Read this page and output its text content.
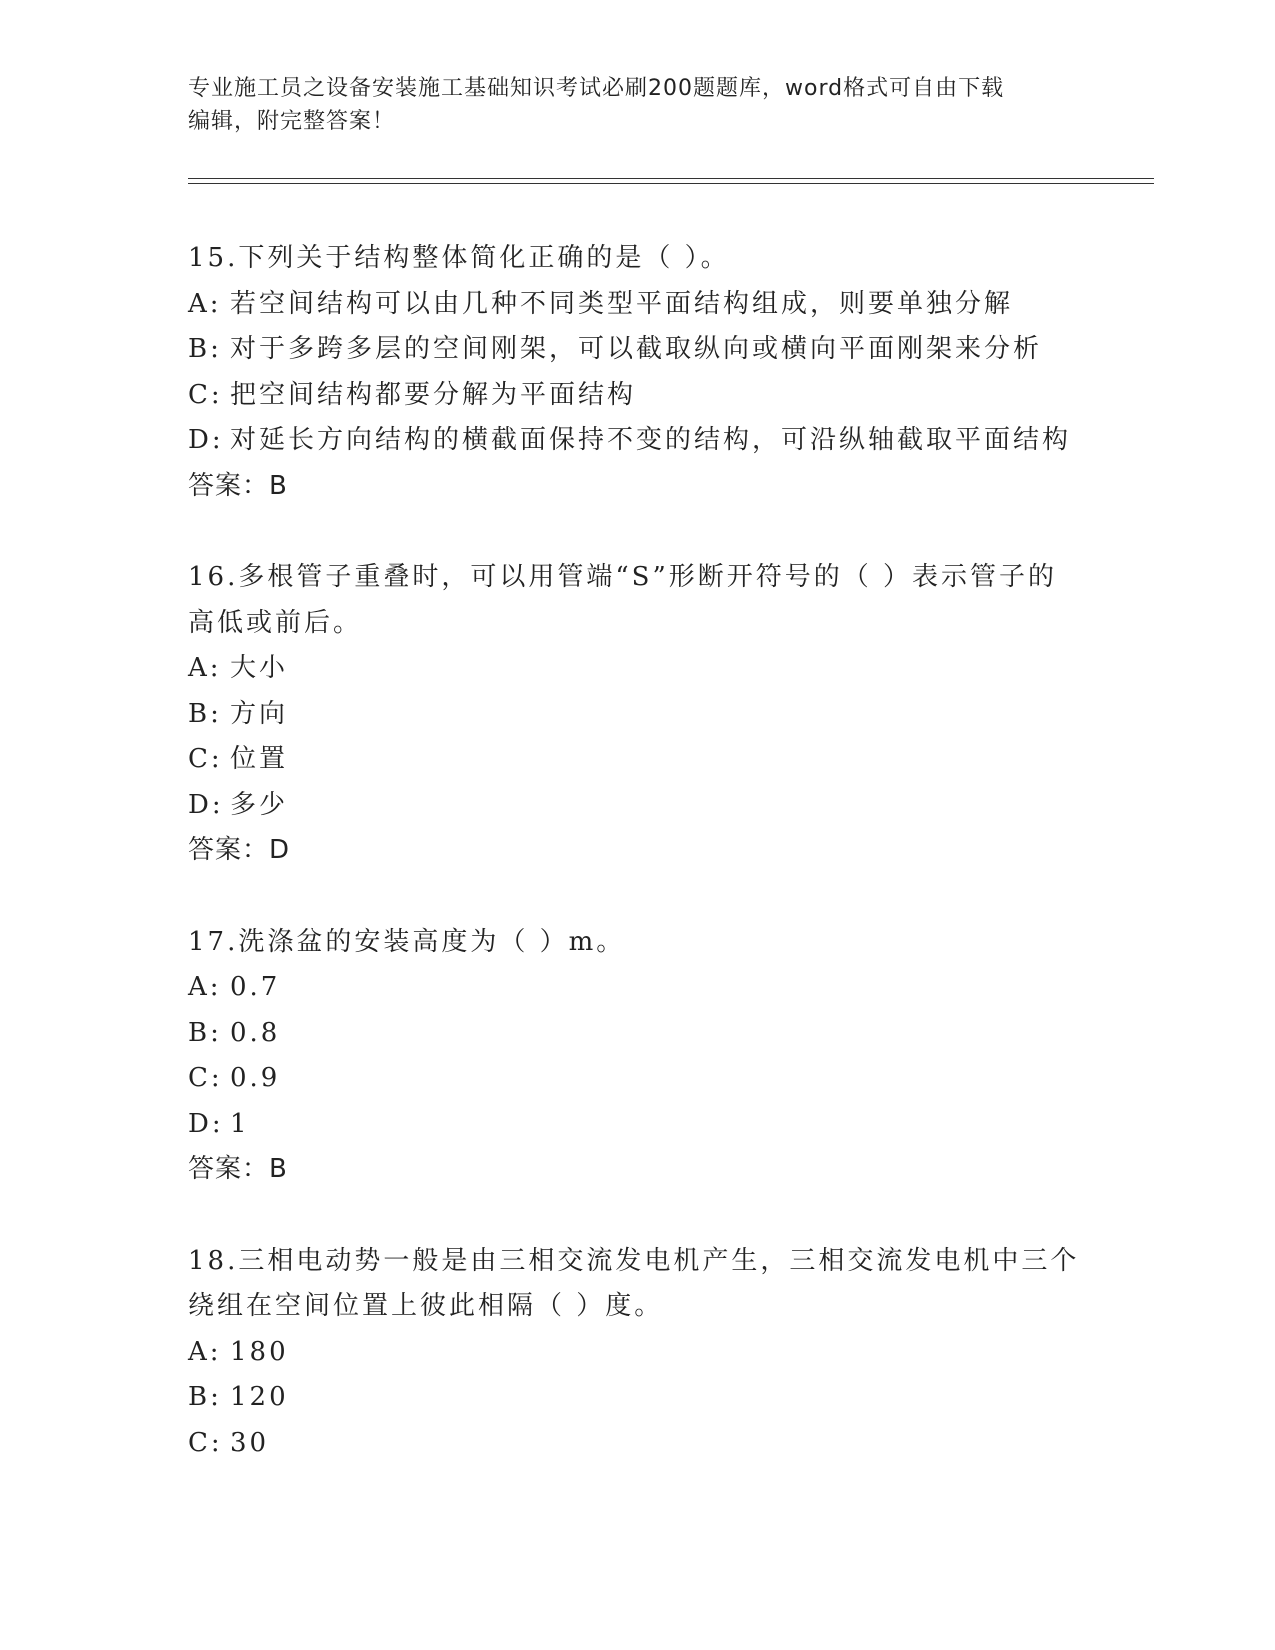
专业施工员之设备安装施工基础知识考试必刷200题题库，word格式可自由下载
编辑，附完整答案！
15.下列关于结构整体简化正确的是（ ）。
A: 若空间结构可以由几种不同类型平面结构组成，则要单独分解
B: 对于多跨多层的空间刚架，可以截取纵向或横向平面刚架来分析
C: 把空间结构都要分解为平面结构
D: 对延长方向结构的横截面保持不变的结构，可沿纵轴截取平面结构
答案：B
16.多根管子重叠时，可以用管端“S”形断开符号的（ ）表示管子的
高低或前后。
A: 大小
B: 方向
C: 位置
D: 多少
答案：D
17.洗涤盆的安装高度为（ ）m。
A: 0.7
B: 0.8
C: 0.9
D: 1
答案：B
18.三相电动势一般是由三相交流发电机产生，三相交流发电机中三个
绕组在空间位置上彼此相隔（ ）度。
A: 180
B: 120
C: 30
